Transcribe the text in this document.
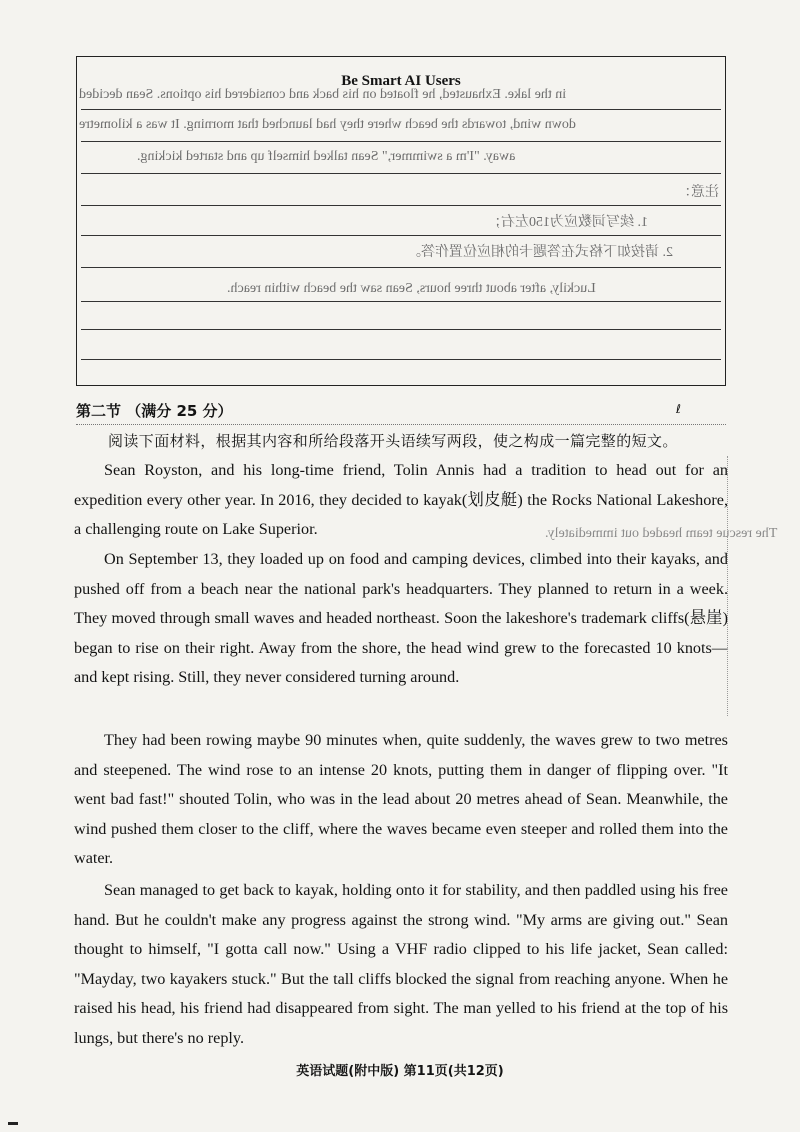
Be Smart AI Users
in the lake. Exhausted, he floated on his back and considered his options. Sean decided
down wind, towards the beach where they had launched that morning. It was a kilometre
away. "I'm a swimmer," Sean talked himself up and started kicking.
注意：
1. 续写词数应为150左右；
2. 请按如下格式在答题卡的相应位置作答。
Luckily, after about three hours, Sean saw the beach within reach.
第二节 （满分 25 分）	ℓ
阅读下面材料，根据其内容和所给段落开头语续写两段，使之构成一篇完整的短文。
The rescue team headed out immediately.

Sean Royston, and his long-time friend, Tolin Annis had a tradition to head out for an expedition every other year. In 2016, they decided to kayak(划皮艇) the Rocks National Lakeshore, a challenging route on Lake Superior.

On September 13, they loaded up on food and camping devices, climbed into their kayaks, and pushed off from a beach near the national park's headquarters. They planned to return in a week. They moved through small waves and headed northeast. Soon the lakeshore's trademark cliffs(悬崖) began to rise on their right. Away from the shore, the head wind grew to the forecasted 10 knots—and kept rising. Still, they never considered turning around.

They had been rowing maybe 90 minutes when, quite suddenly, the waves grew to two metres and steepened. The wind rose to an intense 20 knots, putting them in danger of flipping over. "It went bad fast!" shouted Tolin, who was in the lead about 20 metres ahead of Sean. Meanwhile, the wind pushed them closer to the cliff, where the waves became even steeper and rolled them into the water.

Sean managed to get back to kayak, holding onto it for stability, and then paddled using his free hand. But he couldn't make any progress against the strong wind. "My arms are giving out." Sean thought to himself, "I gotta call now." Using a VHF radio clipped to his life jacket, Sean called: "Mayday, two kayakers stuck." But the tall cliffs blocked the signal from reaching anyone. When he raised his head, his friend had disappeared from sight. The man yelled to his friend at the top of his lungs, but there's no reply.

英语试题(附中版) 第11页(共12页)
